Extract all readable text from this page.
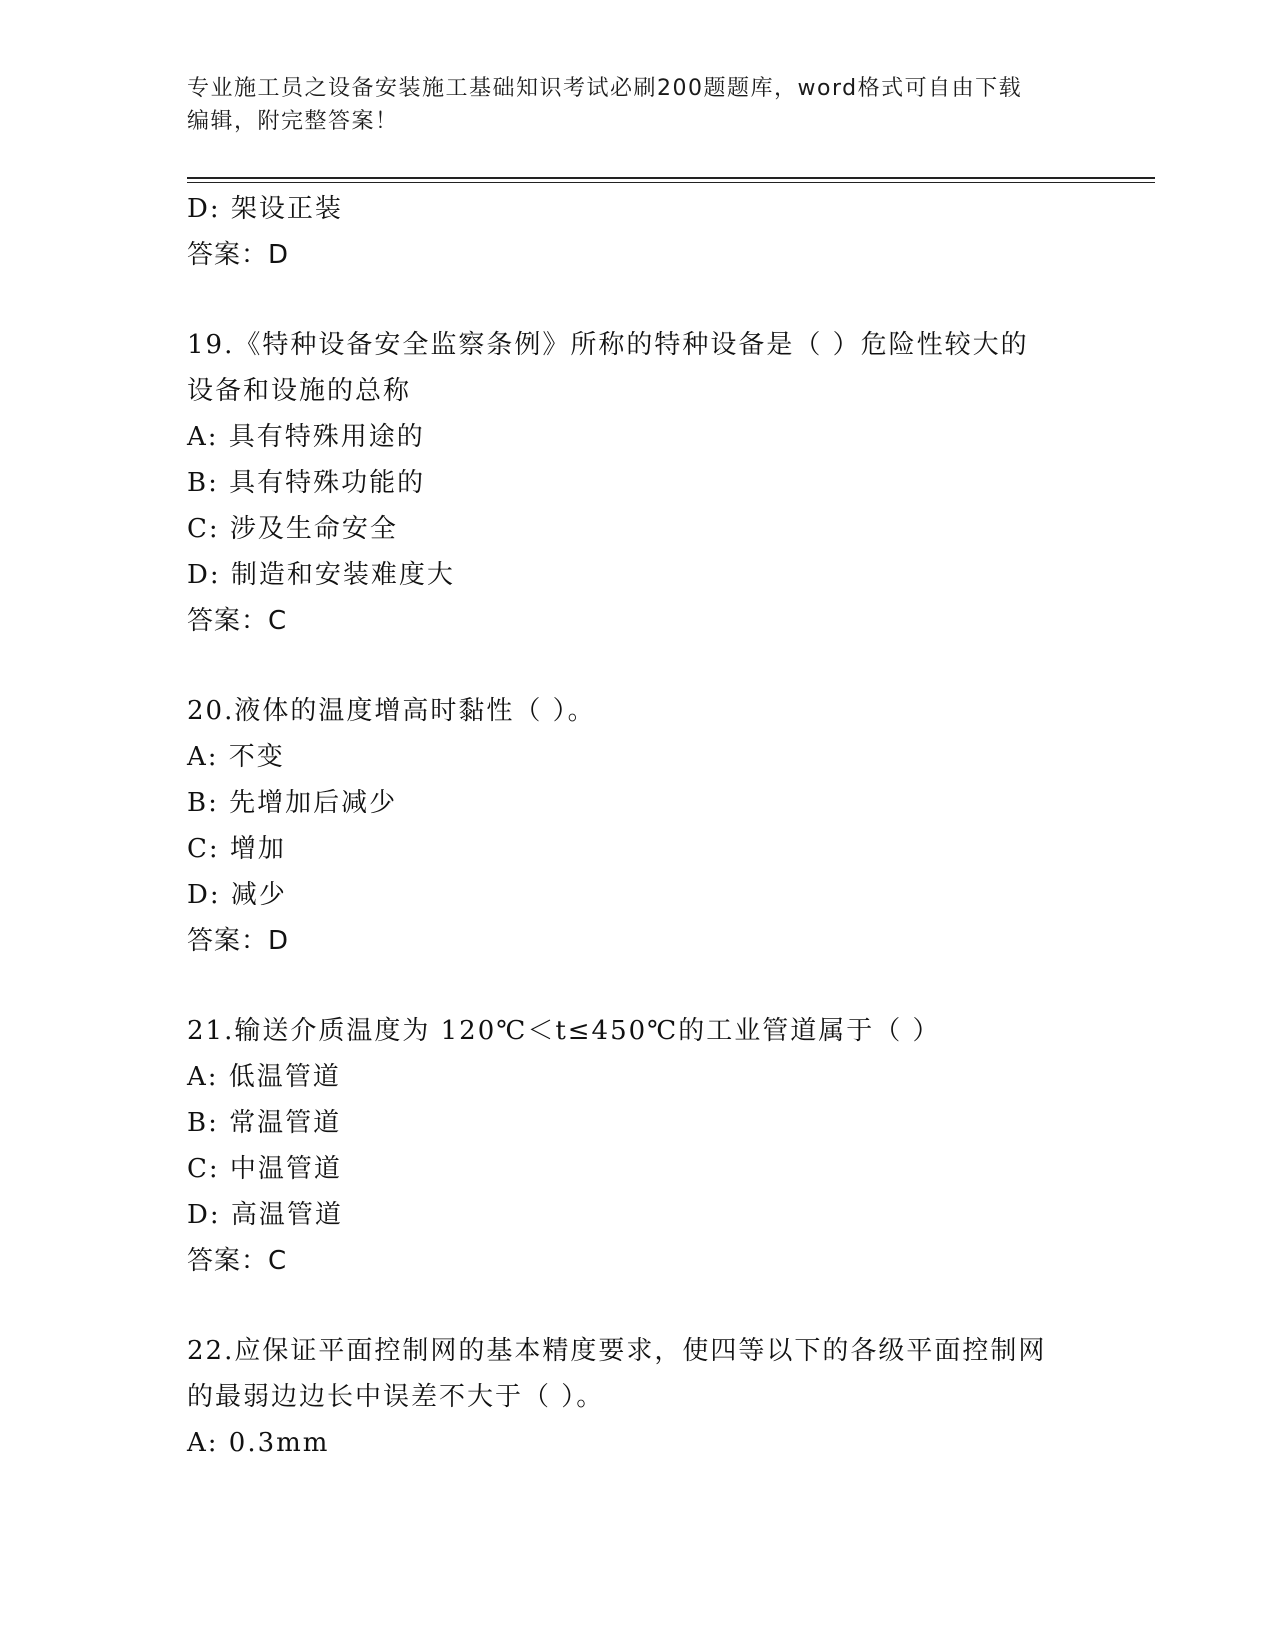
专业施工员之设备安装施工基础知识考试必刷200题题库，word格式可自由下载
编辑，附完整答案！
D: 架设正装
答案：D
19.《特种设备安全监察条例》所称的特种设备是（ ）危险性较大的
设备和设施的总称
A: 具有特殊用途的
B: 具有特殊功能的
C: 涉及生命安全
D: 制造和安装难度大
答案：C
20.液体的温度增高时黏性（ ）。
A: 不变
B: 先增加后减少
C: 增加
D: 减少
答案：D
21.输送介质温度为 120℃＜t≤450℃的工业管道属于（ ）
A: 低温管道
B: 常温管道
C: 中温管道
D: 高温管道
答案：C
22.应保证平面控制网的基本精度要求，使四等以下的各级平面控制网
的最弱边边长中误差不大于（ ）。
A: 0.3mm
